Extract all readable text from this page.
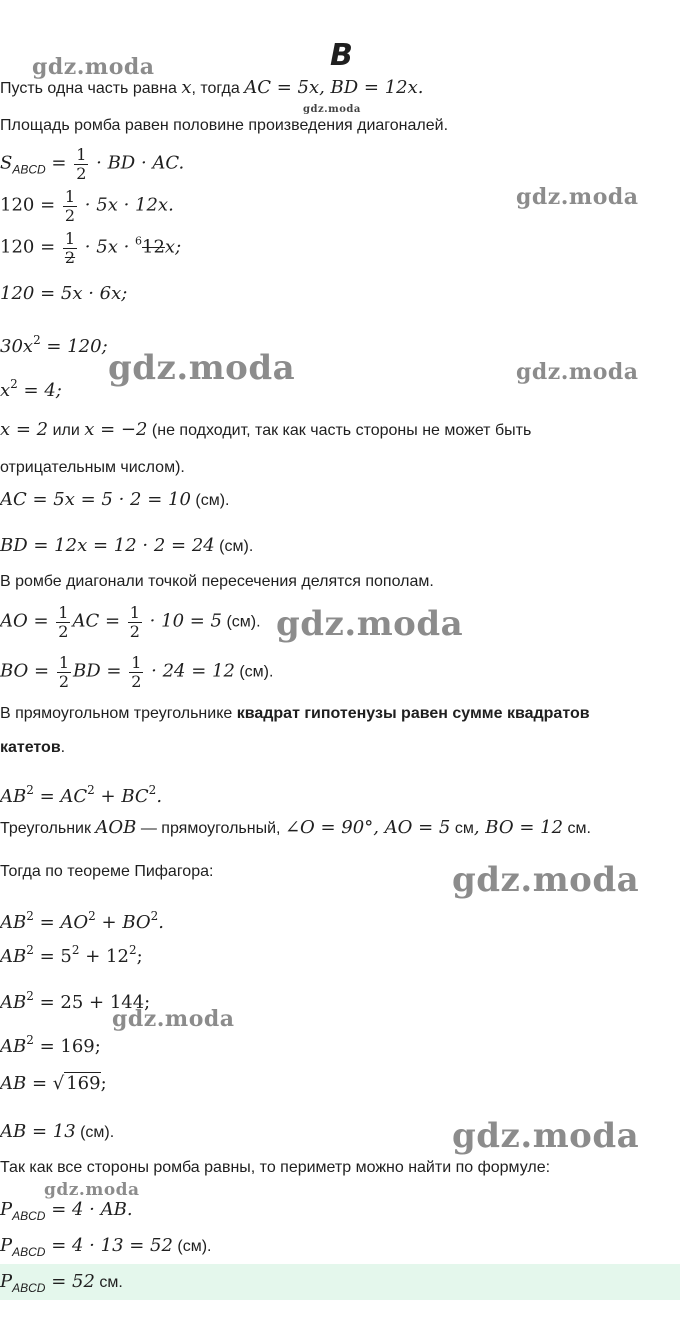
B
gdz.moda
gdz.moda
gdz.moda
gdz.moda	gdz.moda
gdz.moda
gdz.moda
gdz.moda
gdz.moda
gdz.moda
Пусть одна часть равна x, тогда AC = 5x, BD = 12x.
Площадь ромба равен половине произведения диагоналей.
$S_{ABCD} = \frac{1}{2}$ · BD · AC.
$120 = \frac{1}{2} \cdot 5x \cdot 12x$.
$120 = \frac{1}{2} \cdot 5x \cdot ^612x$;
120 = 5x · 6x;
$30x^2 = 120$;
$x^2 = 4$;
x = 2 или x = −2 (не подходит, так как часть стороны не может быть
отрицательным числом).
AC = 5x = 5 · 2 = 10 (см).
BD = 12x = 12 · 2 = 24 (см).
В ромбе диагонали точкой пересечения делятся пополам.
AO = $\frac{1}{2}$ AC = $\frac{1}{2} \cdot 10 = 5$ (см).
BO = $\frac{1}{2}$ BD = $\frac{1}{2} \cdot 24 = 12$ (см).
В прямоугольном треугольнике квадрат гипотенузы равен сумме квадратов
катетов.
$AB^2 = AC^2 + BC^2$.
Треугольник AOB — прямоугольный, ∠O = 90°, AO = 5 см, BO = 12 см.
Тогда по теореме Пифагора:
$AB^2 = AO^2 + BO^2$.
$AB^2 = 5^2 + 12^2$;
$AB^2 = 25 + 144$;
$AB^2 = 169$;
AB = √ 169;
AB = 13 (см).
Так как все стороны ромба равны, то периметр можно найти по формуле:
$P_{ABCD} = 4$ · AB.
$P_{ABCD} = 4 \cdot 13 = 52$ (см).
$P_{ABCD} = 52$ см.
